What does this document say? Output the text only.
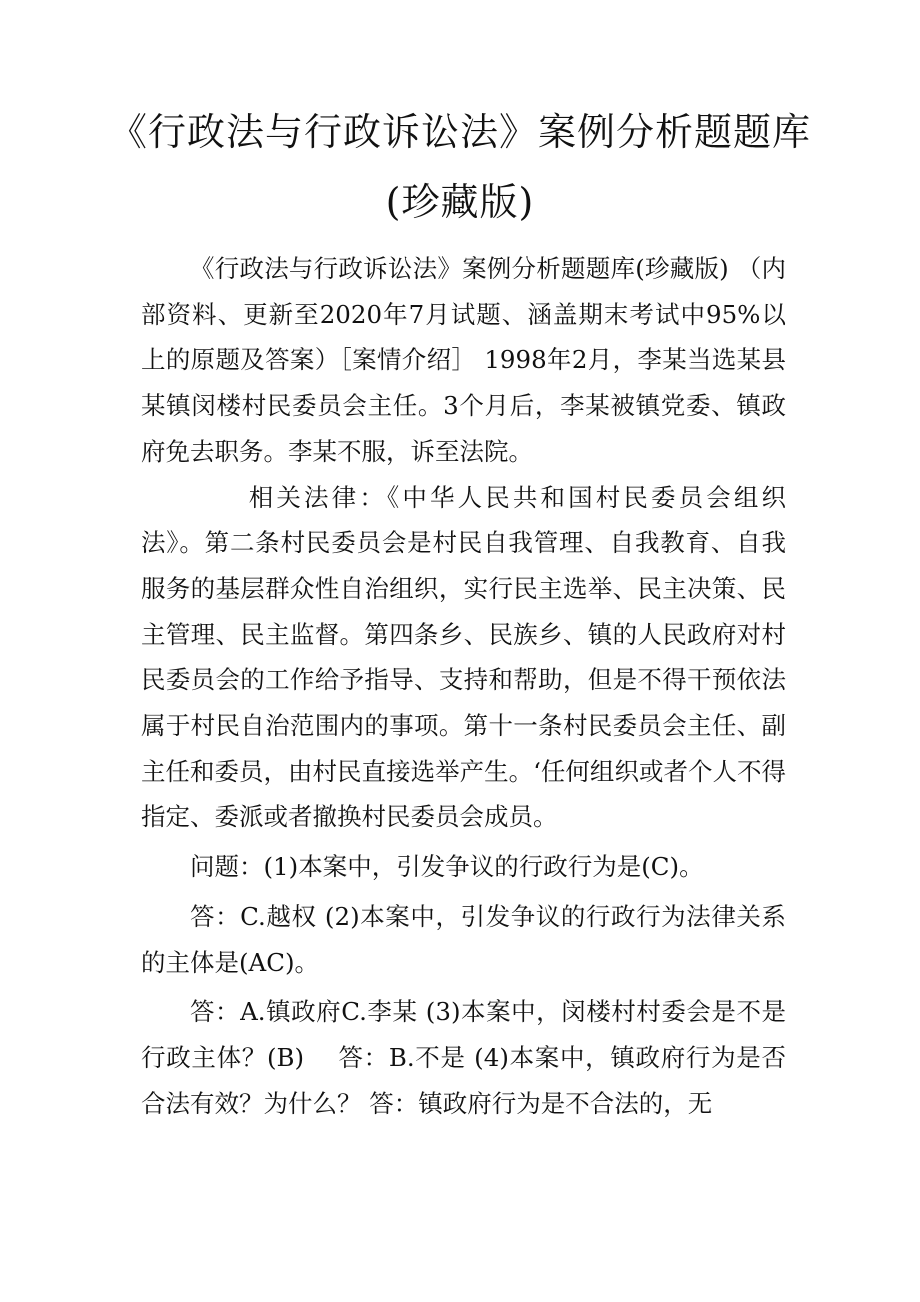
《行政法与行政诉讼法》案例分析题题库
(珍藏版)

《行政法与行政诉讼法》案例分析题题库(珍藏版) （内部资料、更新至2020年7月试题、涵盖期末考试中95%以上的原题及答案）［案情介绍］ 1998年2月，李某当选某县某镇闵楼村民委员会主任。3个月后，李某被镇党委、镇政府免去职务。李某不服，诉至法院。

相关法律：《中华人民共和国村民委员会组织法》。第二条村民委员会是村民自我管理、自我教育、自我服务的基层群众性自治组织，实行民主选举、民主决策、民主管理、民主监督。第四条乡、民族乡、镇的人民政府对村民委员会的工作给予指导、支持和帮助，但是不得干预依法属于村民自治范围内的事项。第十一条村民委员会主任、副主任和委员，由村民直接选举产生。‘任何组织或者个人不得指定、委派或者撤换村民委员会成员。

问题：(1)本案中，引发争议的行政行为是(C)。

答：C.越权 (2)本案中，引发争议的行政行为法律关系的主体是(AC)。

答：A.镇政府C.李某 (3)本案中，闵楼村村委会是不是行政主体？(B)　 答：B.不是 (4)本案中，镇政府行为是否合法有效？为什么？ 答：镇政府行为是不合法的，无
